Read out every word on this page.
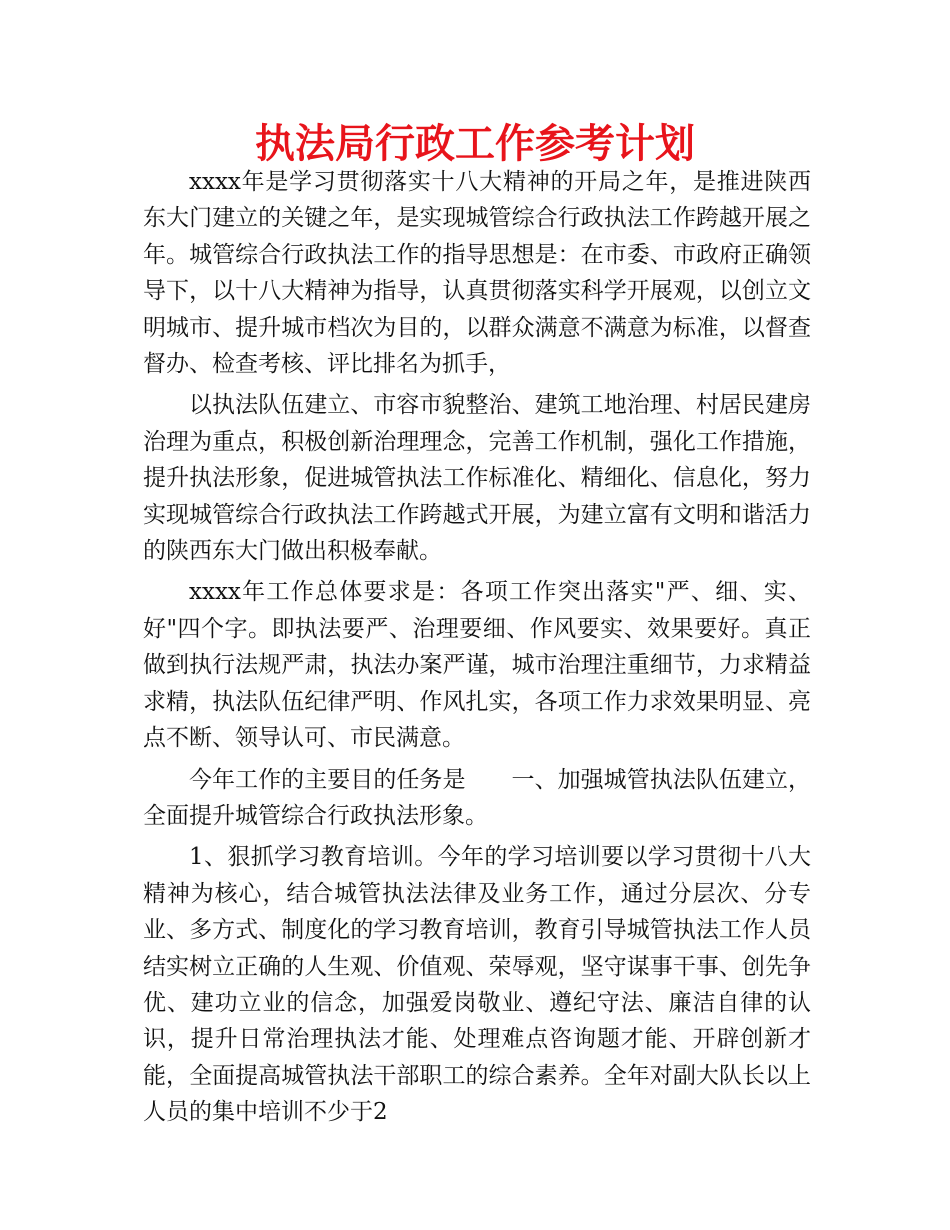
执法局行政工作参考计划

xxxx年是学习贯彻落实十八大精神的开局之年，是推进陕西东大门建立的关键之年，是实现城管综合行政执法工作跨越开展之年。城管综合行政执法工作的指导思想是：在市委、市政府正确领导下，以十八大精神为指导，认真贯彻落实科学开展观，以创立文明城市、提升城市档次为目的，以群众满意不满意为标准，以督查督办、检查考核、评比排名为抓手，

以执法队伍建立、市容市貌整治、建筑工地治理、村居民建房治理为重点，积极创新治理理念，完善工作机制，强化工作措施，提升执法形象，促进城管执法工作标准化、精细化、信息化，努力实现城管综合行政执法工作跨越式开展，为建立富有文明和谐活力的陕西东大门做出积极奉献。

xxxx年工作总体要求是：各项工作突出落实"严、细、实、好"四个字。即执法要严、治理要细、作风要实、效果要好。真正做到执行法规严肃，执法办案严谨，城市治理注重细节，力求精益求精，执法队伍纪律严明、作风扎实，各项工作力求效果明显、亮点不断、领导认可、市民满意。

今年工作的主要目的任务是 一、加强城管执法队伍建立，全面提升城管综合行政执法形象。

1、狠抓学习教育培训。今年的学习培训要以学习贯彻十八大精神为核心，结合城管执法法律及业务工作，通过分层次、分专业、多方式、制度化的学习教育培训，教育引导城管执法工作人员结实树立正确的人生观、价值观、荣辱观，坚守谋事干事、创先争优、建功立业的信念，加强爱岗敬业、遵纪守法、廉洁自律的认识，提升日常治理执法才能、处理难点咨询题才能、开辟创新才能，全面提高城管执法干部职工的综合素养。全年对副大队长以上人员的集中培训不少于2
